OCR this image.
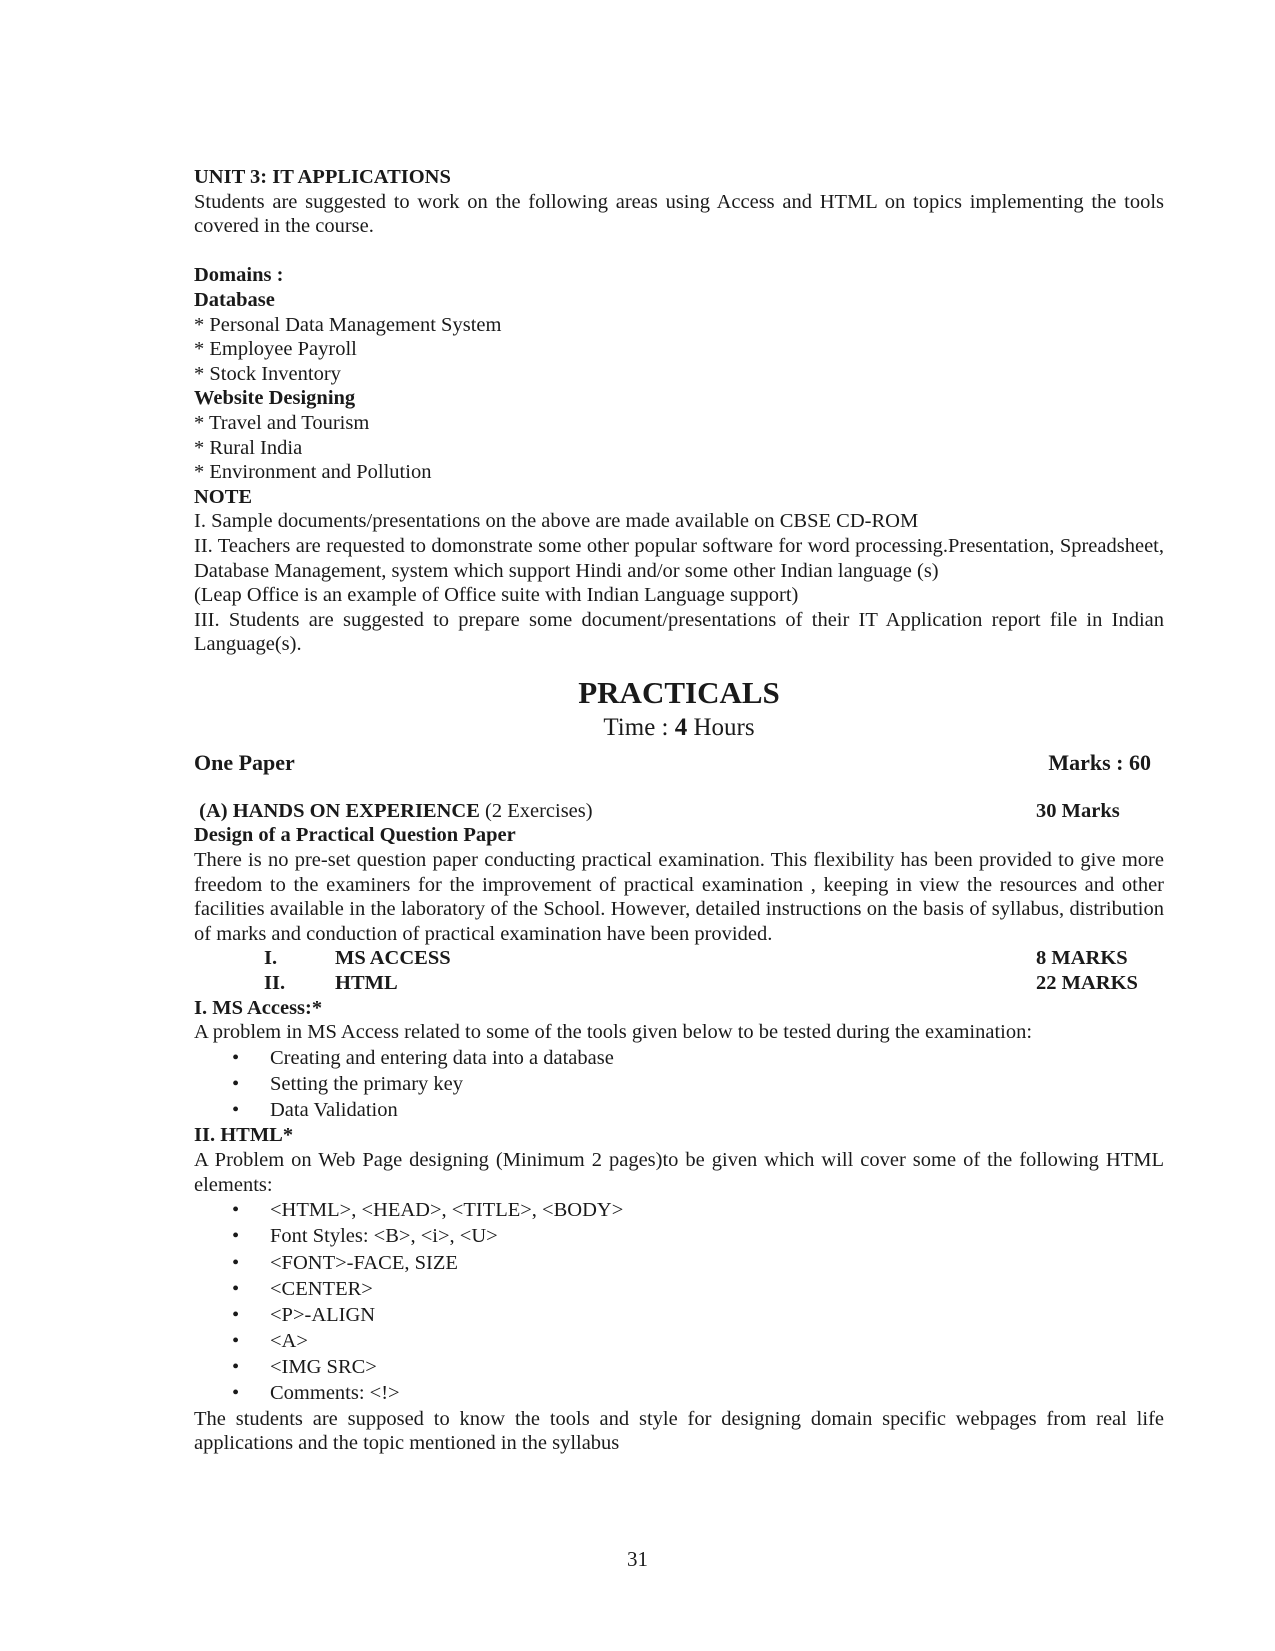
UNIT 3: IT APPLICATIONS

Students are suggested to work on the following areas using Access and HTML on topics implementing the tools covered in the course.

Domains :

Database

* Personal Data Management System

* Employee Payroll

* Stock Inventory

Website Designing

* Travel and Tourism

* Rural India

* Environment and Pollution

NOTE

I. Sample documents/presentations on the above are made available on CBSE CD-ROM

II. Teachers are requested to domonstrate some other popular software for word processing.Presentation, Spreadsheet, Database Management, system which support Hindi and/or some other Indian language (s)

(Leap Office is an example of Office suite with Indian Language support)

III. Students are suggested to prepare some document/presentations of their IT Application report file in Indian Language(s).

PRACTICALS

Time : 4 Hours

One Paper	Marks : 60
(A) HANDS ON EXPERIENCE (2 Exercises)	30 Marks

Design of a Practical Question Paper

There is no pre-set question paper conducting practical examination. This flexibility has been provided to give more freedom to the examiners for the improvement of practical examination , keeping in view the resources and other facilities available in the laboratory of the School. However, detailed instructions on the basis of syllabus, distribution of marks and conduction of practical examination have been provided.

I.	MS ACCESS	8 MARKS
II.	HTML	22 MARKS

I. MS Access:*

A problem in MS Access related to some of the tools given below to be tested during the examination:

• Creating and entering data into a database
• Setting the primary key
• Data Validation

II. HTML*

A Problem on Web Page designing (Minimum 2 pages)to be given which will cover some of the following HTML elements:

• <HTML>, <HEAD>, <TITLE>, <BODY>
• Font Styles: <B>, <i>, <U>
• <FONT>-FACE, SIZE
• <CENTER>
• <P>-ALIGN
• <A>
• <IMG SRC>
• Comments: <!>

The students are supposed to know the tools and style for designing domain specific webpages from real life applications and the topic mentioned in the syllabus

31
